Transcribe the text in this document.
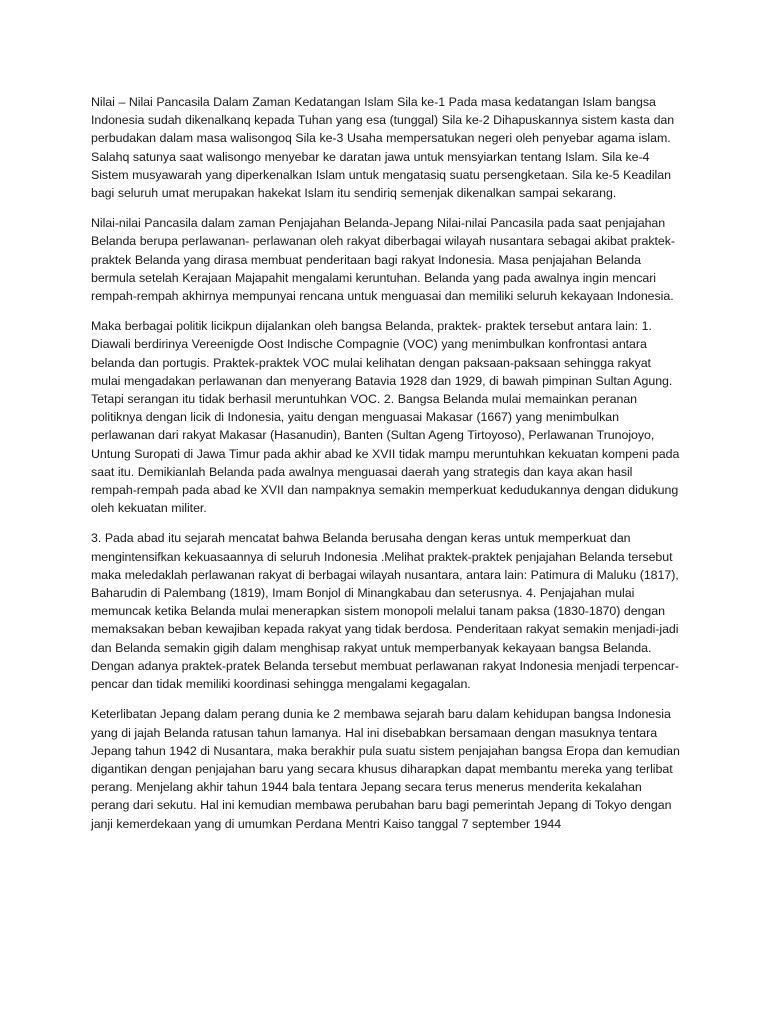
Nilai – Nilai Pancasila Dalam Zaman Kedatangan Islam Sila ke-1 Pada masa kedatangan Islam bangsa Indonesia sudah dikenalkanq kepada Tuhan yang esa (tunggal) Sila ke-2 Dihapuskannya sistem kasta dan perbudakan dalam masa walisongoq Sila ke-3 Usaha mempersatukan negeri oleh penyebar agama islam. Salahq satunya saat walisongo menyebar ke daratan jawa untuk mensyiarkan tentang Islam. Sila ke-4 Sistem musyawarah yang diperkenalkan Islam untuk mengatasiq suatu persengketaan. Sila ke-5 Keadilan bagi seluruh umat merupakan hakekat Islam itu sendiriq semenjak dikenalkan sampai sekarang.

Nilai-nilai Pancasila dalam zaman Penjajahan Belanda-Jepang Nilai-nilai Pancasila pada saat penjajahan Belanda berupa perlawanan- perlawanan oleh rakyat diberbagai wilayah nusantara sebagai akibat praktek-praktek Belanda yang dirasa membuat penderitaan bagi rakyat Indonesia. Masa penjajahan Belanda bermula setelah Kerajaan Majapahit mengalami keruntuhan. Belanda yang pada awalnya ingin mencari rempah-rempah akhirnya mempunyai rencana untuk menguasai dan memiliki seluruh kekayaan Indonesia.

Maka berbagai politik licikpun dijalankan oleh bangsa Belanda, praktek- praktek tersebut antara lain: 1. Diawali berdirinya Vereenigde Oost Indische Compagnie (VOC) yang menimbulkan konfrontasi antara belanda dan portugis. Praktek-praktek VOC mulai kelihatan dengan paksaan-paksaan sehingga rakyat mulai mengadakan perlawanan dan menyerang Batavia 1928 dan 1929, di bawah pimpinan Sultan Agung. Tetapi serangan itu tidak berhasil meruntuhkan VOC. 2. Bangsa Belanda mulai memainkan peranan politiknya dengan licik di Indonesia, yaitu dengan menguasai Makasar (1667) yang menimbulkan perlawanan dari rakyat Makasar (Hasanudin), Banten (Sultan Ageng Tirtoyoso), Perlawanan Trunojoyo, Untung Suropati di Jawa Timur pada akhir abad ke XVII tidak mampu meruntuhkan kekuatan kompeni pada saat itu. Demikianlah Belanda pada awalnya menguasai daerah yang strategis dan kaya akan hasil rempah-rempah pada abad ke XVII dan nampaknya semakin memperkuat kedudukannya dengan didukung oleh kekuatan militer.

3. Pada abad itu sejarah mencatat bahwa Belanda berusaha dengan keras untuk memperkuat dan mengintensifkan kekuasaannya di seluruh Indonesia .Melihat praktek-praktek penjajahan Belanda tersebut maka meledaklah perlawanan rakyat di berbagai wilayah nusantara, antara lain: Patimura di Maluku (1817), Baharudin di Palembang (1819), Imam Bonjol di Minangkabau dan seterusnya. 4. Penjajahan mulai memuncak ketika Belanda mulai menerapkan sistem monopoli melalui tanam paksa (1830-1870) dengan memaksakan beban kewajiban kepada rakyat yang tidak berdosa. Penderitaan rakyat semakin menjadi-jadi dan Belanda semakin gigih dalam menghisap rakyat untuk memperbanyak kekayaan bangsa Belanda. Dengan adanya praktek-pratek Belanda tersebut membuat perlawanan rakyat Indonesia menjadi terpencar-pencar dan tidak memiliki koordinasi sehingga mengalami kegagalan.

Keterlibatan Jepang dalam perang dunia ke 2 membawa sejarah baru dalam kehidupan bangsa Indonesia yang di jajah Belanda ratusan tahun lamanya. Hal ini disebabkan bersamaan dengan masuknya tentara Jepang tahun 1942 di Nusantara, maka berakhir pula suatu sistem penjajahan bangsa Eropa dan kemudian digantikan dengan penjajahan baru yang secara khusus diharapkan dapat membantu mereka yang terlibat perang. Menjelang akhir tahun 1944 bala tentara Jepang secara terus menerus menderita kekalahan perang dari sekutu. Hal ini kemudian membawa perubahan baru bagi pemerintah Jepang di Tokyo dengan janji kemerdekaan yang di umumkan Perdana Mentri Kaiso tanggal 7 september 1944
